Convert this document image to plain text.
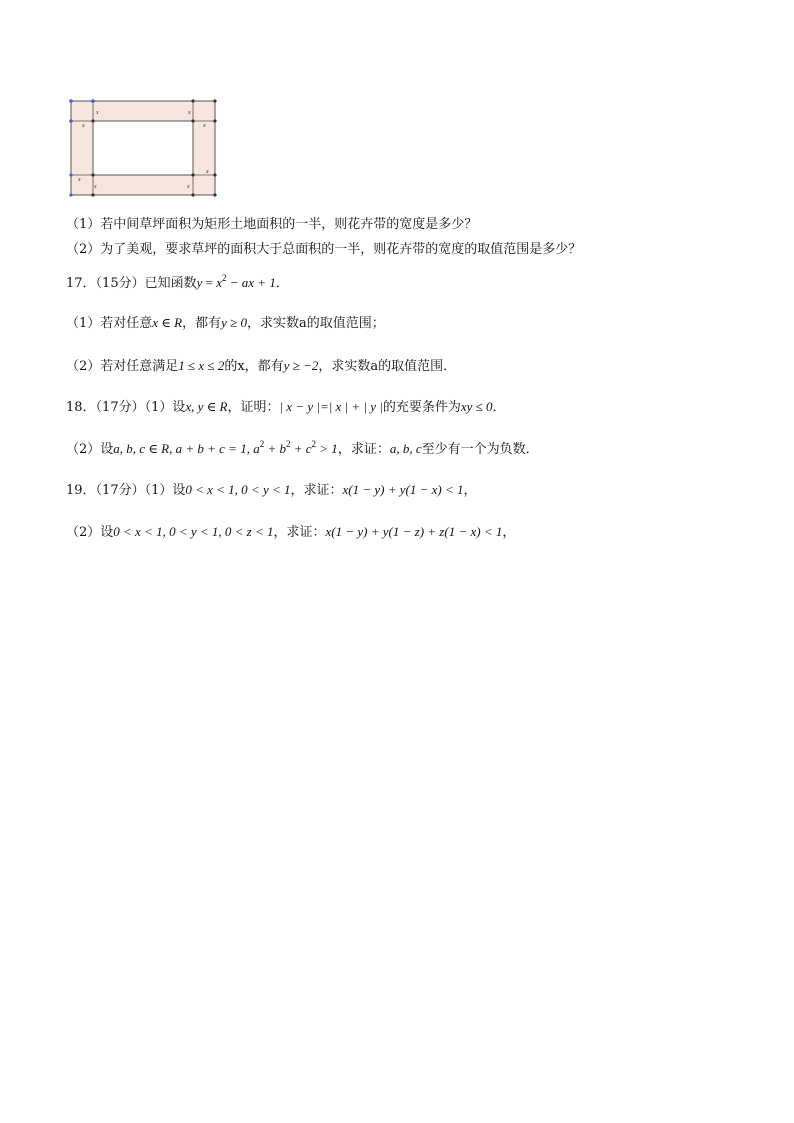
x	x
x	x
x
x
x	x
（1）若中间草坪面积为矩形土地面积的一半，则花卉带的宽度是多少？
（2）为了美观，要求草坪的面积大于总面积的一半，则花卉带的宽度的取值范围是多少？
17．（15分）已知函数$y = x^2$ − ax + 1．
（1）若对任意x ∈ R，都有y ≥ 0，求实数a的取值范围；
（2）若对任意满足1 ≤ x ≤ 2的x，都有y ≥ −2，求实数a的取值范围．
18．（17分）（1）设x, y ∈ R，证明：| x − y |=| x | + | y |的充要条件为xy ≤ 0．
（2）设a, b, c ∈ R, a + b + c = 1, $a^2 + b^2 + c^2 > 1$，求证：a, b, c至少有一个为负数．
19．（17分）（1）设0 < x < 1, 0 < y < 1，求证：x(1 − y) + y(1 − x) < 1，
（2）设0 < x < 1, 0 < y < 1, 0 < z < 1，求证：x(1 − y) + y(1 − z) + z(1 − x) < 1，
